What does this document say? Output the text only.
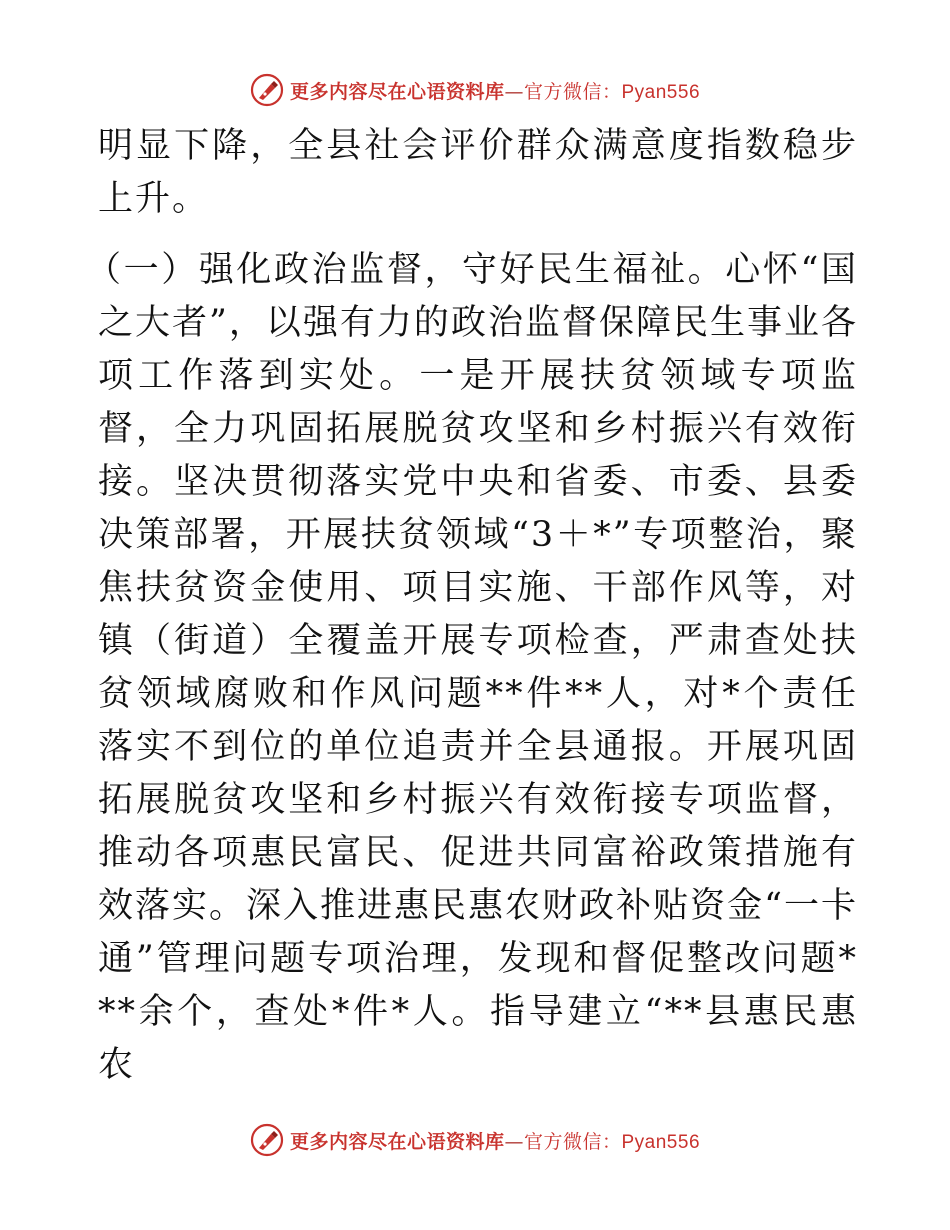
更多内容尽在心语资料库—官方微信：Pyan556

明显下降，全县社会评价群众满意度指数稳步上升。

（一）强化政治监督，守好民生福祉。心怀“国之大者”，以强有力的政治监督保障民生事业各项工作落到实处。一是开展扶贫领域专项监督，全力巩固拓展脱贫攻坚和乡村振兴有效衔接。坚决贯彻落实党中央和省委、市委、县委决策部署，开展扶贫领域“3＋*”专项整治，聚焦扶贫资金使用、项目实施、干部作风等，对镇（街道）全覆盖开展专项检查，严肃查处扶贫领域腐败和作风问题**件**人，对*个责任落实不到位的单位追责并全县通报。开展巩固拓展脱贫攻坚和乡村振兴有效衔接专项监督，推动各项惠民富民、促进共同富裕政策措施有效落实。深入推进惠民惠农财政补贴资金“一卡通”管理问题专项治理，发现和督促整改问题***余个，查处*件*人。指导建立“**县惠民惠农

更多内容尽在心语资料库—官方微信：Pyan556
